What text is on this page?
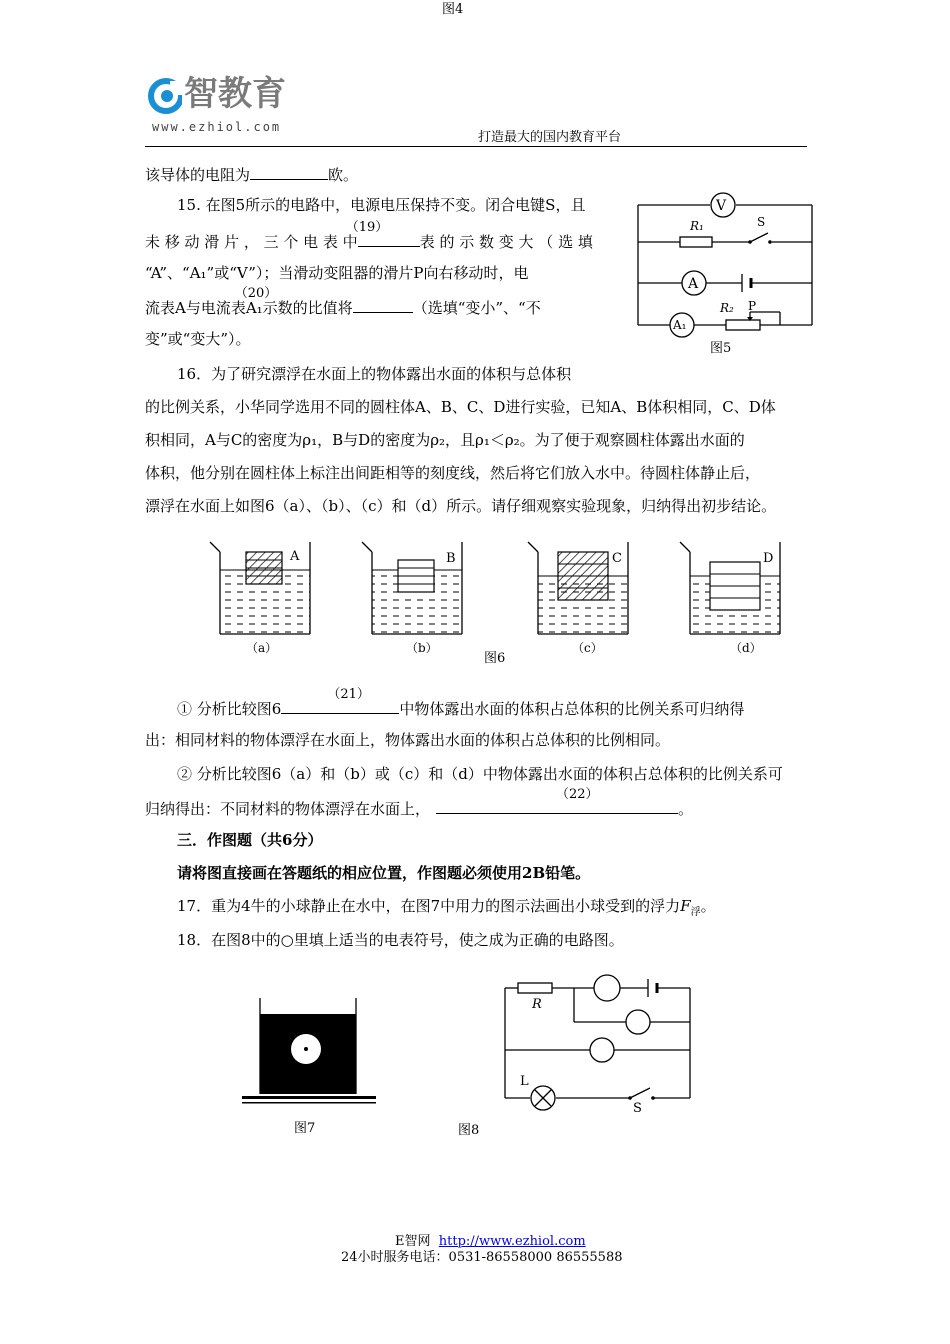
图4
智教育
www.ezhiol.com
打造最大的国内教育平台
该导体的电阻为	欧。
15. 在图5所示的电路中，电源电压保持不变。闭合电键S，且
未 移 动 滑 片 ， 三 个 电 表 中
（19）
表 的 示 数 变 大 （ 选 填
“A”、“A₁”或“V”）；当滑动变阻器的滑片P向右移动时，电
流表A与电流表A₁示数的比值将
（20）
（选填“变小”、“不
变”或“变大”）。
V
A
A₁
R₁	S
R₂ P
图5
16．为了研究漂浮在水面上的物体露出水面的体积与总体积
的比例关系，小华同学选用不同的圆柱体A、B、C、D进行实验，已知A、B体积相同，C、D体
积相同，A与C的密度为ρ₁，B与D的密度为ρ₂，且ρ₁＜ρ₂。为了便于观察圆柱体露出水面的
体积，他分别在圆柱体上标注出间距相等的刻度线，然后将它们放入水中。待圆柱体静止后，
漂浮在水面上如图6（a）、（b）、（c）和（d）所示。请仔细观察实验现象，归纳得出初步结论。
A	B	C	D
（a）	（b）	（c）	（d）
图6
① 分析比较图6
（21）
中物体露出水面的体积占总体积的比例关系可归纳得
出：相同材料的物体漂浮在水面上，物体露出水面的体积占总体积的比例相同。
② 分析比较图6（a）和（b）或（c）和（d）中物体露出水面的体积占总体积的比例关系可
归纳得出：不同材料的物体漂浮在水面上，
（22）
。
三．作图题（共6分）
请将图直接画在答题纸的相应位置，作图题必须使用2B铅笔。
17．重为4牛的小球静止在水中，在图7中用力的图示法画出小球受到的浮力$F_浮$。
18．在图8中的○里填上适当的电表符号，使之成为正确的电路图。
图7
R
L
S
图8
E智网 http://www.ezhiol.com
24小时服务电话：0531-86558000 86555588
